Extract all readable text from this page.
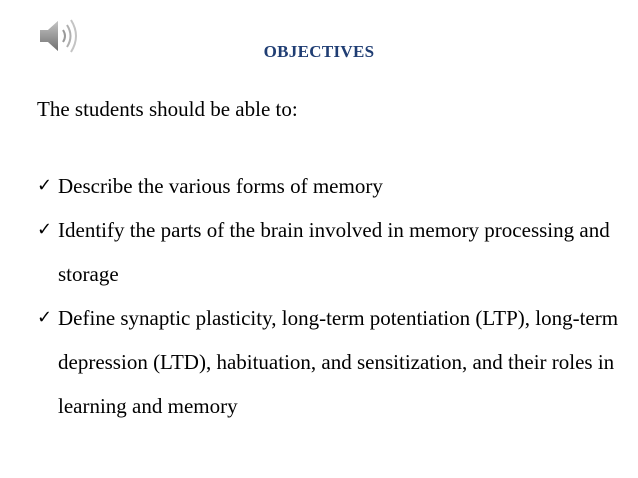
OBJECTIVES
The students should be able to:

✓ Describe the various forms of memory

✓ Identify the parts of the brain involved in memory processing and storage

✓ Define synaptic plasticity, long-term potentiation (LTP), long-term depression (LTD), habituation, and sensitization, and their roles in learning and memory
